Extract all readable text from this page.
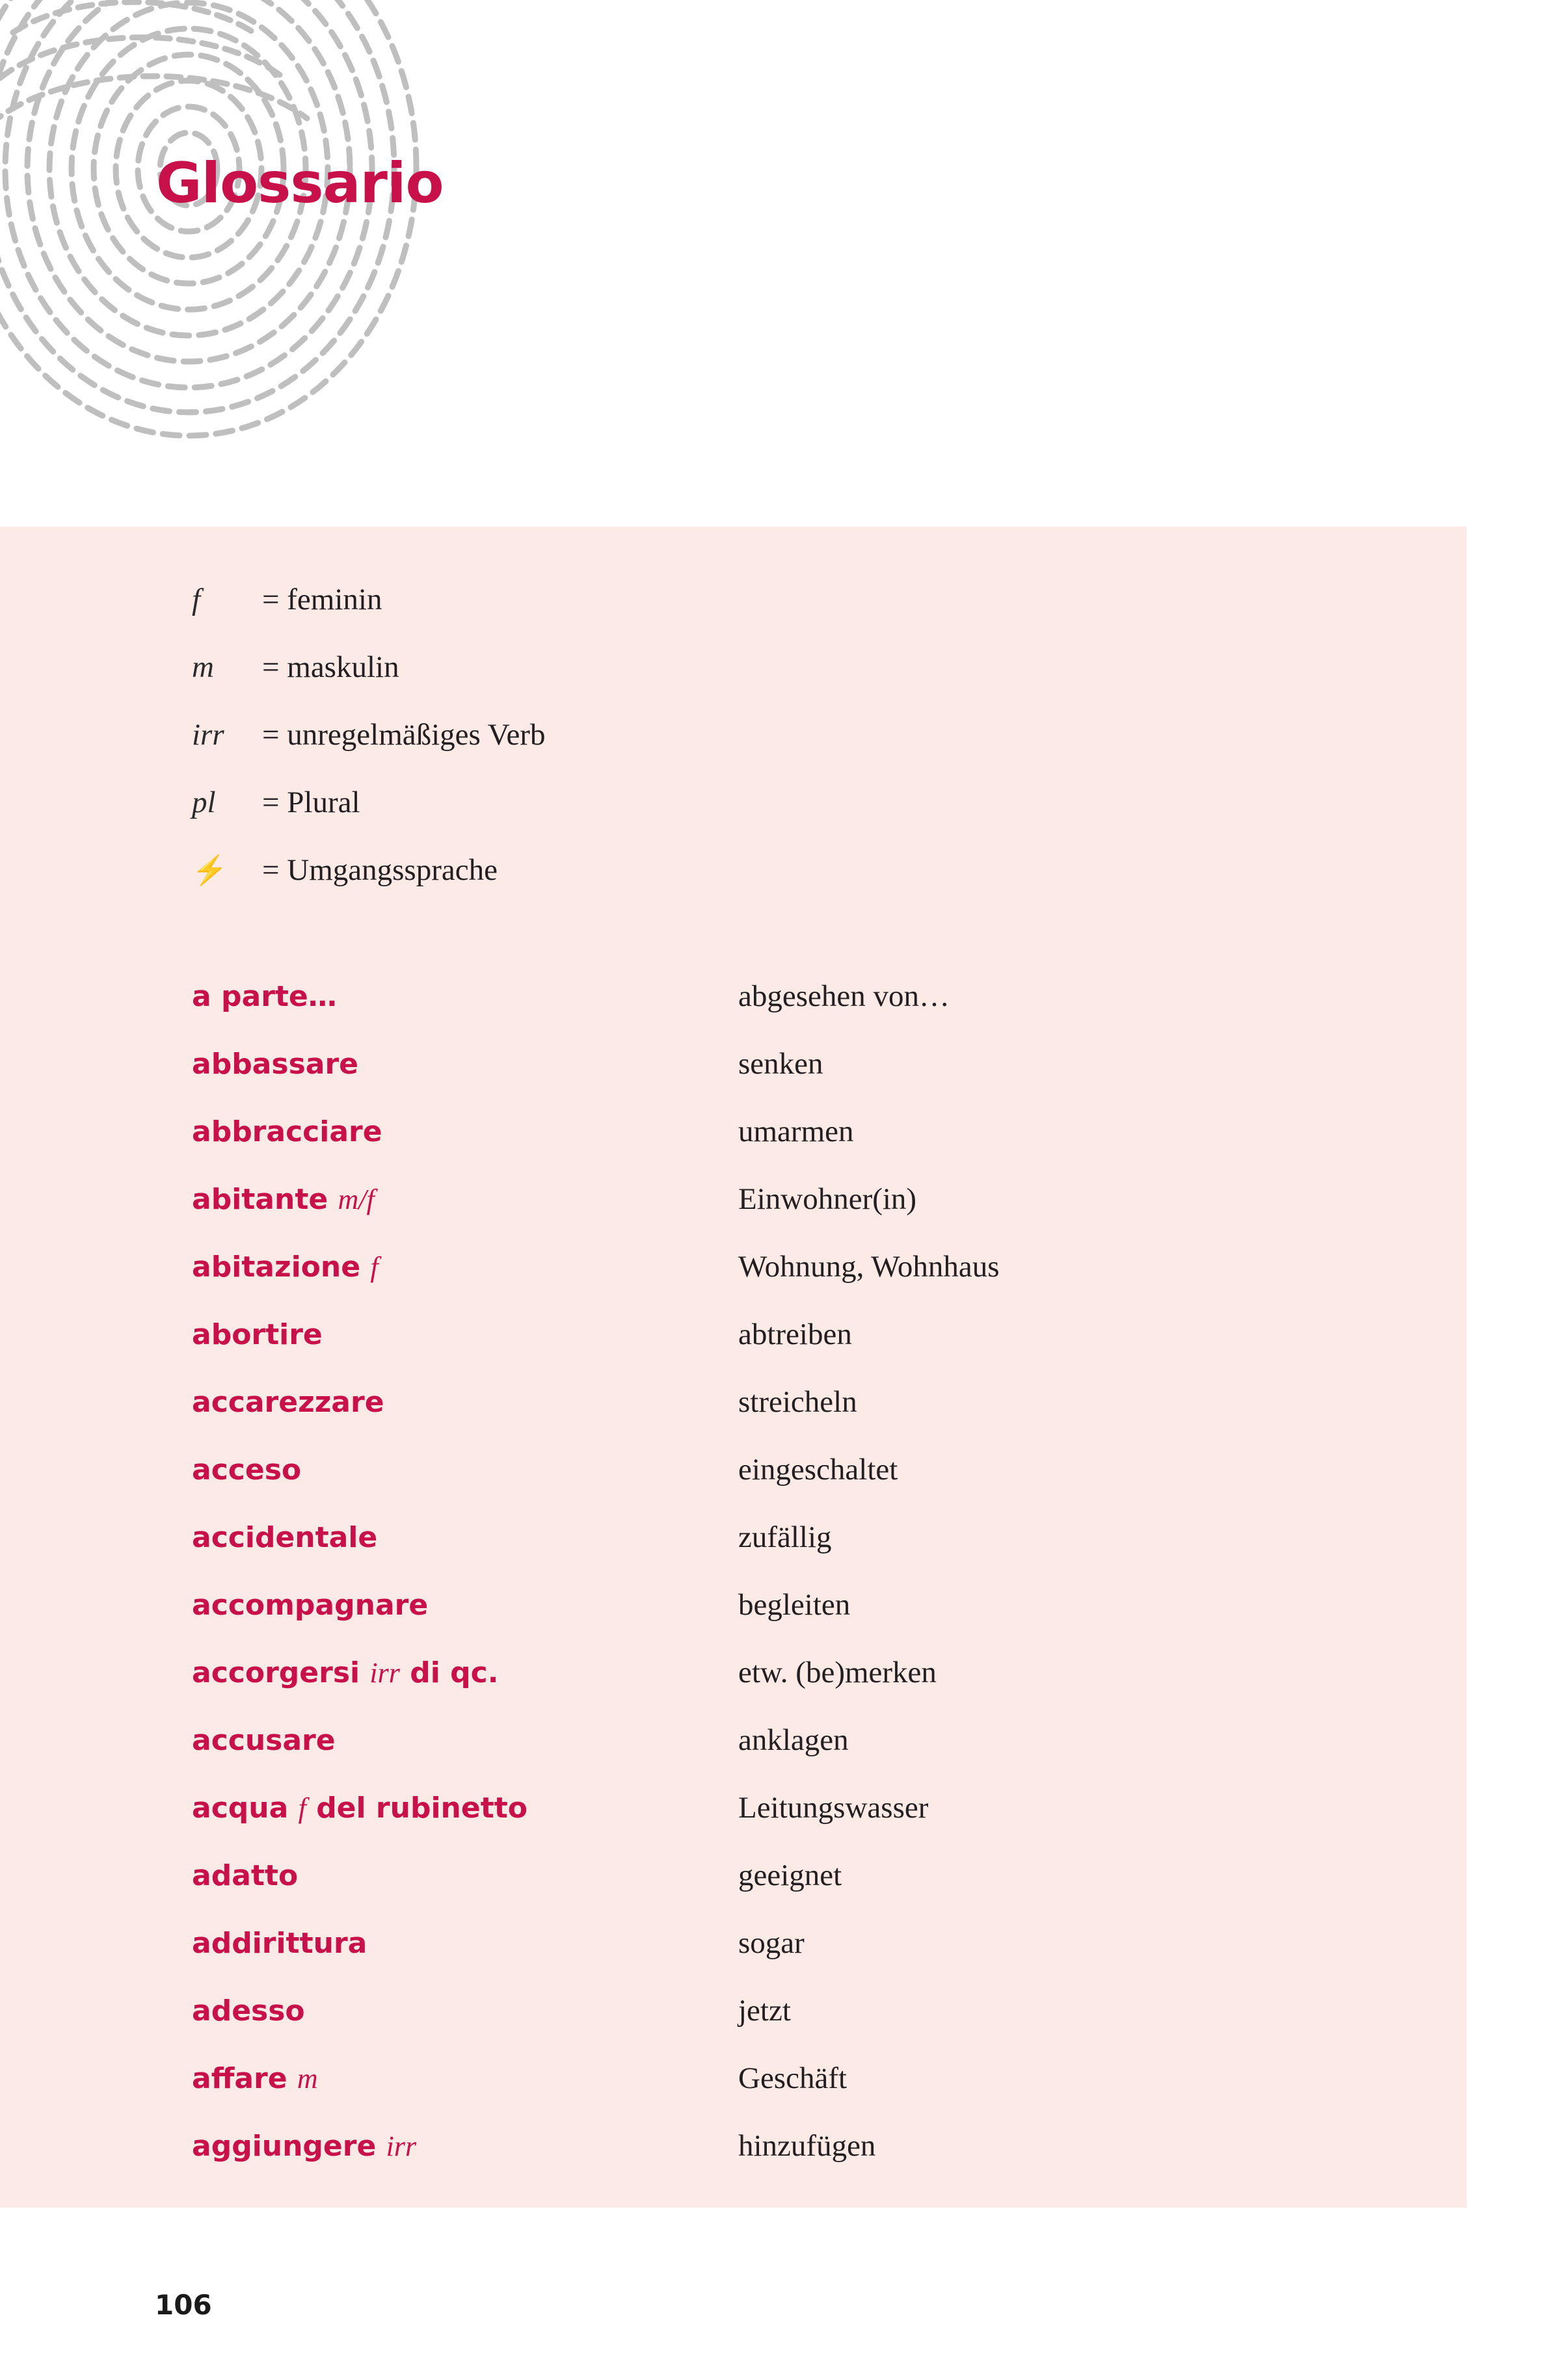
Glossario
f	= feminin
m	= maskulin
irr	= unregelmäßiges Verb
pl	= Plural
⚡	= Umgangssprache
a parte…	abgesehen von…
abbassare	senken
abbracciare	umarmen
abitante m/f	Einwohner(in)
abitazione f	Wohnung, Wohnhaus
abortire	abtreiben
accarezzare	streicheln
acceso	eingeschaltet
accidentale	zufällig
accompagnare	begleiten
accorgersi irr di qc.	etw. (be)merken
accusare	anklagen
acqua f del rubinetto	Leitungswasser
adatto	geeignet
addirittura	sogar
adesso	jetzt
affare m	Geschäft
aggiungere irr	hinzufügen
106
